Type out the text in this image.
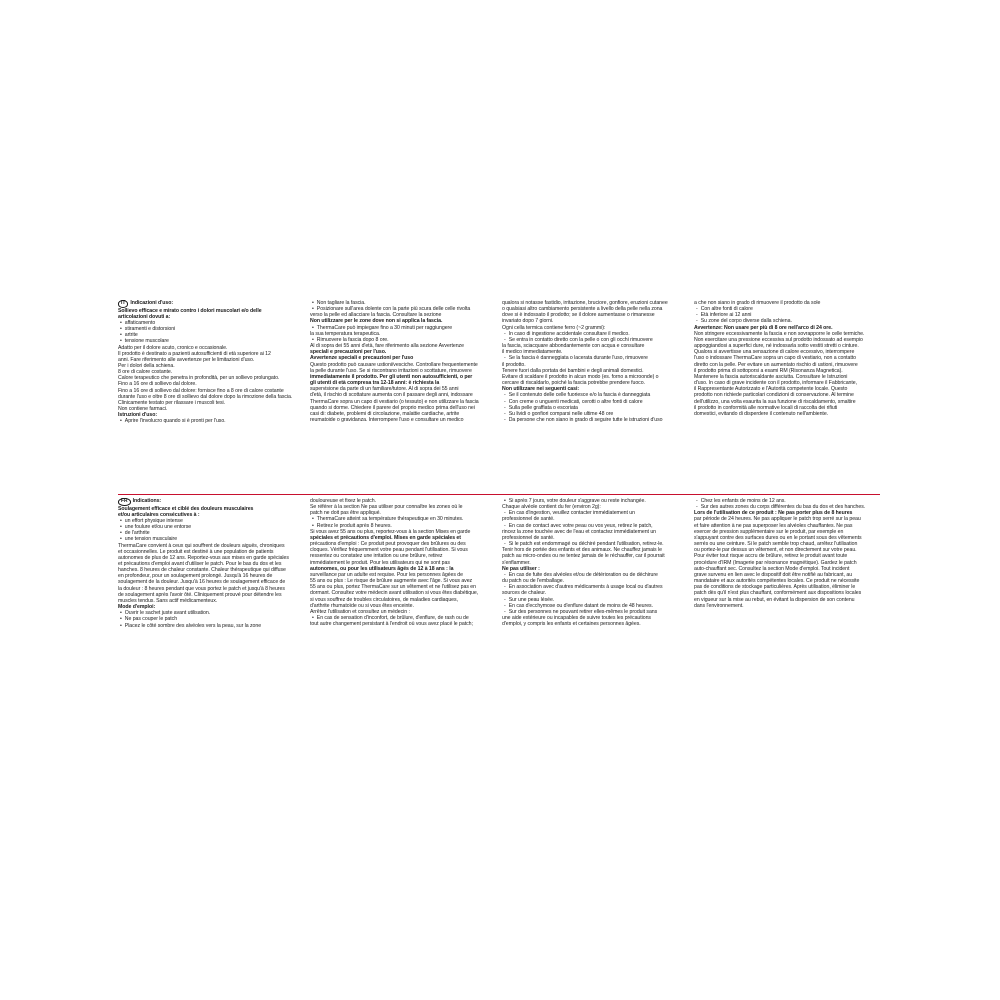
IT Indicazioni d'uso:
Sollievo efficace e mirato contro i dolori muscolari e/o delle
articolazioni dovuti a:
• affaticamento
• stiramenti e distorsioni
• artrite
• tensione muscolare
Adatto per il dolore acuto, cronico e occasionale.
Il prodotto è destinato a pazienti autosufficienti di età superiore ai 12
anni. Fare riferimento alle avvertenze per le limitazioni d'uso.
Per i dolori della schiena.
8 ore di calore costante.
Calore terapeutico che penetra in profondità, per un sollievo prolungato.
Fino a 16 ore di sollievo dal dolore.
Fino a 16 ore di sollievo dal dolore: forniscе fino a 8 ore di calore costante
durante l'uso e oltre 8 ore di sollievo dal dolore dopo la rimozione della fascia.
Clinicamente testato per rilassare i muscoli tesi.
Non contiene farmaci.
Istruzioni d'uso:
• Aprire l'involucro quando si è pronti per l'uso.
• Non tagliare la fascia.
• Posizionare sull'area dolente con la parte più scura delle celle rivolta
verso la pelle ed allacciare la fascia. Consultare la sezione
Non utilizzare per le zone dove non si applica la fascia.
• ThermaCare può impiegare fino a 30 minuti per raggiungere
la sua temperatura terapeutica.
• Rimuovere la fascia dopo 8 ore.
Al di sopra dei 55 anni d'età, fare riferimento alla sezione Avvertenze
speciali e precauzioni per l'uso.
Avvertenze speciali e precauzioni per l'uso
Questo prodotto può causare ustioni/vesciche. Controllare frequentemente
la pelle durante l'uso. Se si riscontrano irritazioni o scottature, rimuovere
immediatamente il prodotto. Per gli utenti non autosufficienti, o per
gli utenti di età compresa tra 12-18 anni: è richiesta la
supervisione da parte di un familiare/tutore. Al di sopra dei 55 anni
d'età, il rischio di scottature aumenta con il passare degli anni, indossare
ThermaCare sopra un capo di vestiario (o tessuto) e non utilizzare la fascia
quando si dorme. Chiedere il parere del proprio medico prima dell'uso nei
casi di: diabete, problemi di circolazione, malattie cardiache, artrite
reumatoide o gravidanza. Interrompere l'uso e consultare un medico
qualora si notasse fastidio, irritazione, bruciore, gonfiore, eruzioni cutanee
o qualsiasi altro cambiamento persistente a livello della pelle nella zona
dove si è indossato il prodotto; se il dolore aumentasse o rimanesse
invariato dopo 7 giorni.
Ogni cella termica contiene ferro (~2 grammi):
- In caso di ingestione accidentale consultare il medico.
- Se entra in contatto diretto con la pelle o con gli occhi rimuovere
la fascia, sciacquare abbondantemente con acqua e consultare
il medico immediatamente.
- Se la fascia è danneggiata o lacerata durante l'uso, rimuovere
il prodotto.
Tenere fuori dalla portata dei bambini e degli animali domestici.
Evitare di scaldare il prodotto in alcun modo (es. forno a microonde) o
cercare di riscaldarlo, poiché la fascia potrebbe prendere fuoco.
Non utilizzare nei seguenti casi:
- Se il contenuto delle celle fuoriesce e/o la fascia è danneggiata
- Con creme o unguenti medicati, cerotti o altre fonti di calore
- Sulla pelle graffiata o escoriata
- Su lividi o gonfiori comparsi nelle ultime 48 ore
- Da persone che non siano in grado di seguire tutte le istruzioni d'uso
a che non siano in grado di rimuovere il prodotto da sole
- Con altre fonti di calore
- Età inferiore ai 12 anni
- Su zone del corpo diverse dalla schiena.
Avvertenze: Non usare per più di 8 ore nell'arco di 24 ore.
Non stringere eccessivamente la fascia e non sovrapporre le celle termiche.
Non esercitare una pressione eccessiva sul prodotto indossato ad esempio
appoggiandosi a superfici dure, né indossarla sotto vestiti stretti o cinture.
Qualora si avvertisse una sensazione di calore eccessivo, interrompere
l'uso o indossare ThermaCare sopra un capo di vestiario, non a contatto
diretto con la pelle. Per evitare un aumentato rischio di ustioni, rimuovere
il prodotto prima di sottoporsi a esami RM (Risonanza Magnetica).
Mantenere la fascia autoriscaldante asciutta. Consultare le Istruzioni
d'uso. In caso di grave incidente con il prodotto, informare il Fabbricante,
il Rappresentante Autorizzato e l'Autorità competente locale. Questo
prodotto non richiede particolari condizioni di conservazione. Al termine
dell'utilizzo, una volta esaurita la sua funzione di riscaldamento, smaltire
il prodotto in conformità alle normative locali di raccolta dei rifiuti
domestici, evitando di disperdere il contenuto nell'ambiente.
FR Indications:
Soulagement efficace et ciblé des douleurs musculaires
et/ou articulaires consécutives à :
• un effort physique intense
• une foulure et/ou une entorse
• de l'arthrite
• une tension musculaire
ThermaCare convient à ceux qui souffrent de douleurs aiguës, chroniques
et occasionnelles. Le produit est destiné à une population de patients
autonomes de plus de 12 ans. Reportez-vous aux mises en garde spéciales
et précautions d'emploi avant d'utiliser le patch. Pour le bas du dos et les
hanches. 8 heures de chaleur constante. Chaleur thérapeutique qui diffuse
en profondeur, pour un soulagement prolongé. Jusqu'à 16 heures de
soulagement de la douleur. Jusqu'à 16 heures de soulagement efficace de
la douleur : 8 heures pendant que vous portez le patch et jusqu'à 8 heures
de soulagement après l'avoir ôté. Cliniquement prouvé pour détendre les
muscles tendus. Sans actif médicamenteux.
Mode d'emploi:
• Ouvrir le sachet juste avant utilisation.
• Ne pas couper le patch
• Placez le côté sombre des alvéoles vers la peau, sur la zone
douloureuse et fixez le patch.
Se référer à la section Ne pas utiliser pour connaître les zones où le
patch ne doit pas être appliqué.
• ThermaCare atteint sa température thérapeutique en 30 minutes.
• Retirez le produit après 8 heures.
Si vous avez 55 ans ou plus, reportez-vous à la section Mises en garde
spéciales et précautions d'emploi. Mises en garde spéciales et
précautions d'emploi : Ce produit peut provoquer des brûlures ou des
cloques. Vérifiez fréquemment votre peau pendant l'utilisation. Si vous
ressentez ou constatez une irritation ou une brûlure, retirez
immédiatement le produit. Pour les utilisateurs qui ne sont pas
autonomes, ou pour les utilisateurs âgés de 12 à 18 ans : la
surveillance par un adulte est requise. Pour les personnes âgées de
55 ans ou plus : Le risque de brûlure augmente avec l'âge. Si vous avez
55 ans ou plus, portez ThermaCare sur un vêtement et ne l'utilisez pas en
dormant. Consultez votre médecin avant utilisation si vous êtes diabétique,
si vous souffrez de troubles circulatoires, de maladies cardiaques,
d'arthrite rhumatoïde ou si vous êtes enceinte.
Arrêtez l'utilisation et consultez un médecin :
• En cas de sensation d'inconfort, de brûlure, d'enflure, de rash ou de
tout autre changement persistant à l'endroit où vous avez placé le patch;
• Si après 7 jours, votre douleur s'aggrave ou reste inchangée.
Chaque alvéole contient du fer (environ 2g):
- En cas d'ingestion, veuillez contacter immédiatement un
professionnel de santé.
- En cas de contact avec votre peau ou vos yeux, retirez le patch,
rincez la zone touchée avec de l'eau et contactez immédiatement un
professionnel de santé.
- Si le patch est endommagé ou déchiré pendant l'utilisation, retirez-le.
Tenir hors de portée des enfants et des animaux. Ne chauffez jamais le
patch au micro-ondes ou ne tentez jamais de le réchauffer, car il pourrait
s'enflammer.
Ne pas utiliser :
- En cas de fuite des alvéoles et/ou de détérioration ou de déchirure
du patch ou de l'emballage.
- En association avec d'autres médicaments à usage local ou d'autres
sources de chaleur.
- Sur une peau lésée.
- En cas d'ecchymose ou d'enflure datant de moins de 48 heures.
- Sur des personnes ne pouvant retirer elles-mêmes le produit sans
une aide extérieure ou incapables de suivre toutes les précautions
d'emploi, y compris les enfants et certaines personnes âgées.
- Chez les enfants de moins de 12 ans.
- Sur des autres zones du corps différentes du bas du dos et des hanches.
Lors de l'utilisation de ce produit : Ne pas porter plus de 8 heures
par période de 24 heures. Ne pas appliquer le patch trop serré sur la peau
et faire attention à ne pas superposer les alvéoles chauffantes. Ne pas
exercer de pression supplémentaire sur le produit, par exemple en
s'appuyant contre des surfaces dures ou en le portant sous des vêtements
serrés ou une ceinture. Si le patch semble trop chaud, arrêtez l'utilisation
ou portez-le par dessus un vêtement, et non directement sur votre peau.
Pour éviter tout risque accru de brûlure, retirez le produit avant toute
procédure d'IRM (Imagerie par résonance magnétique). Gardez le patch
auto-chauffant sec. Consultez la section Mode d'emploi. Tout incident
grave survenu en lien avec le dispositif doit être notifié au fabricant, au
mandataire et aux autorités compétentes locales. Ce produit ne nécessite
pas de conditions de stockage particulières. Après utilisation, éliminer le
patch dès qu'il n'est plus chauffant, conformément aux dispositions locales
en vigueur sur la mise au rebut, en évitant la dispersion de son contenu
dans l'environnement.
